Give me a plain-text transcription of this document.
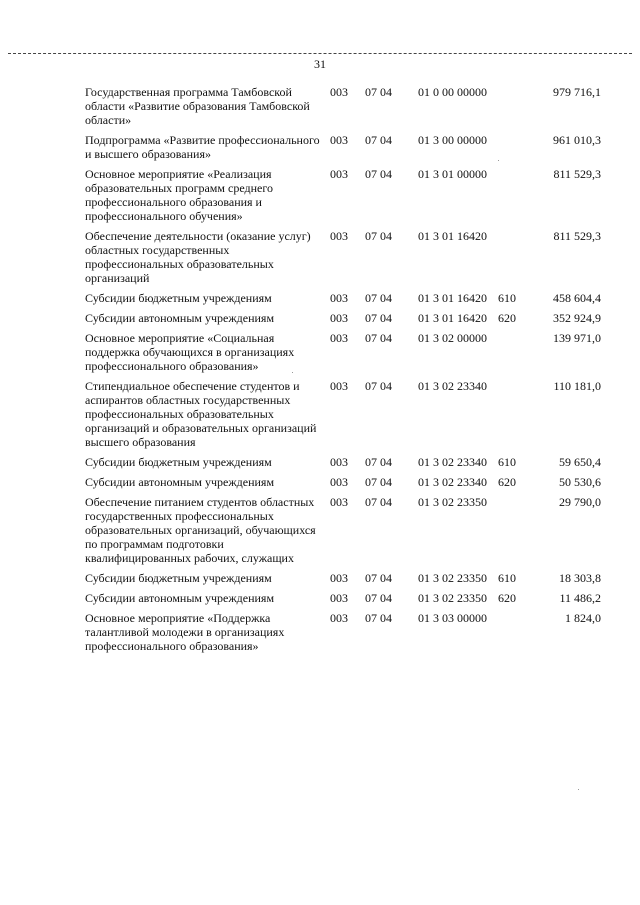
31
Государственная программа Тамбовской области «Развитие образования Тамбовской области»	003	07 04	01 0 00 00000		979 716,1
Подпрограмма «Развитие профессионального и высшего образования»	003	07 04	01 3 00 00000		961 010,3
Основное мероприятие «Реализация образовательных программ среднего профессионального образования и профессионального обучения»	003	07 04	01 3 01 00000		811 529,3
Обеспечение деятельности (оказание услуг) областных государственных профессиональных образовательных организаций	003	07 04	01 3 01 16420		811 529,3
Субсидии бюджетным учреждениям	003	07 04	01 3 01 16420	610	458 604,4
Субсидии автономным учреждениям	003	07 04	01 3 01 16420	620	352 924,9
Основное мероприятие «Социальная поддержка обучающихся в организациях профессионального образования»	003	07 04	01 3 02 00000		139 971,0
Стипендиальное обеспечение студентов и аспирантов областных государственных профессиональных образовательных организаций и образовательных организаций высшего образования	003	07 04	01 3 02 23340		110 181,0
Субсидии бюджетным учреждениям	003	07 04	01 3 02 23340	610	59 650,4
Субсидии автономным учреждениям	003	07 04	01 3 02 23340	620	50 530,6
Обеспечение питанием студентов областных государственных профессиональных образовательных организаций, обучающихся по программам подготовки квалифицированных рабочих, служащих	003	07 04	01 3 02 23350		29 790,0
Субсидии бюджетным учреждениям	003	07 04	01 3 02 23350	610	18 303,8
Субсидии автономным учреждениям	003	07 04	01 3 02 23350	620	11 486,2
Основное мероприятие «Поддержка талантливой молодежи в организациях профессионального образования»	003	07 04	01 3 03 00000		1 824,0
